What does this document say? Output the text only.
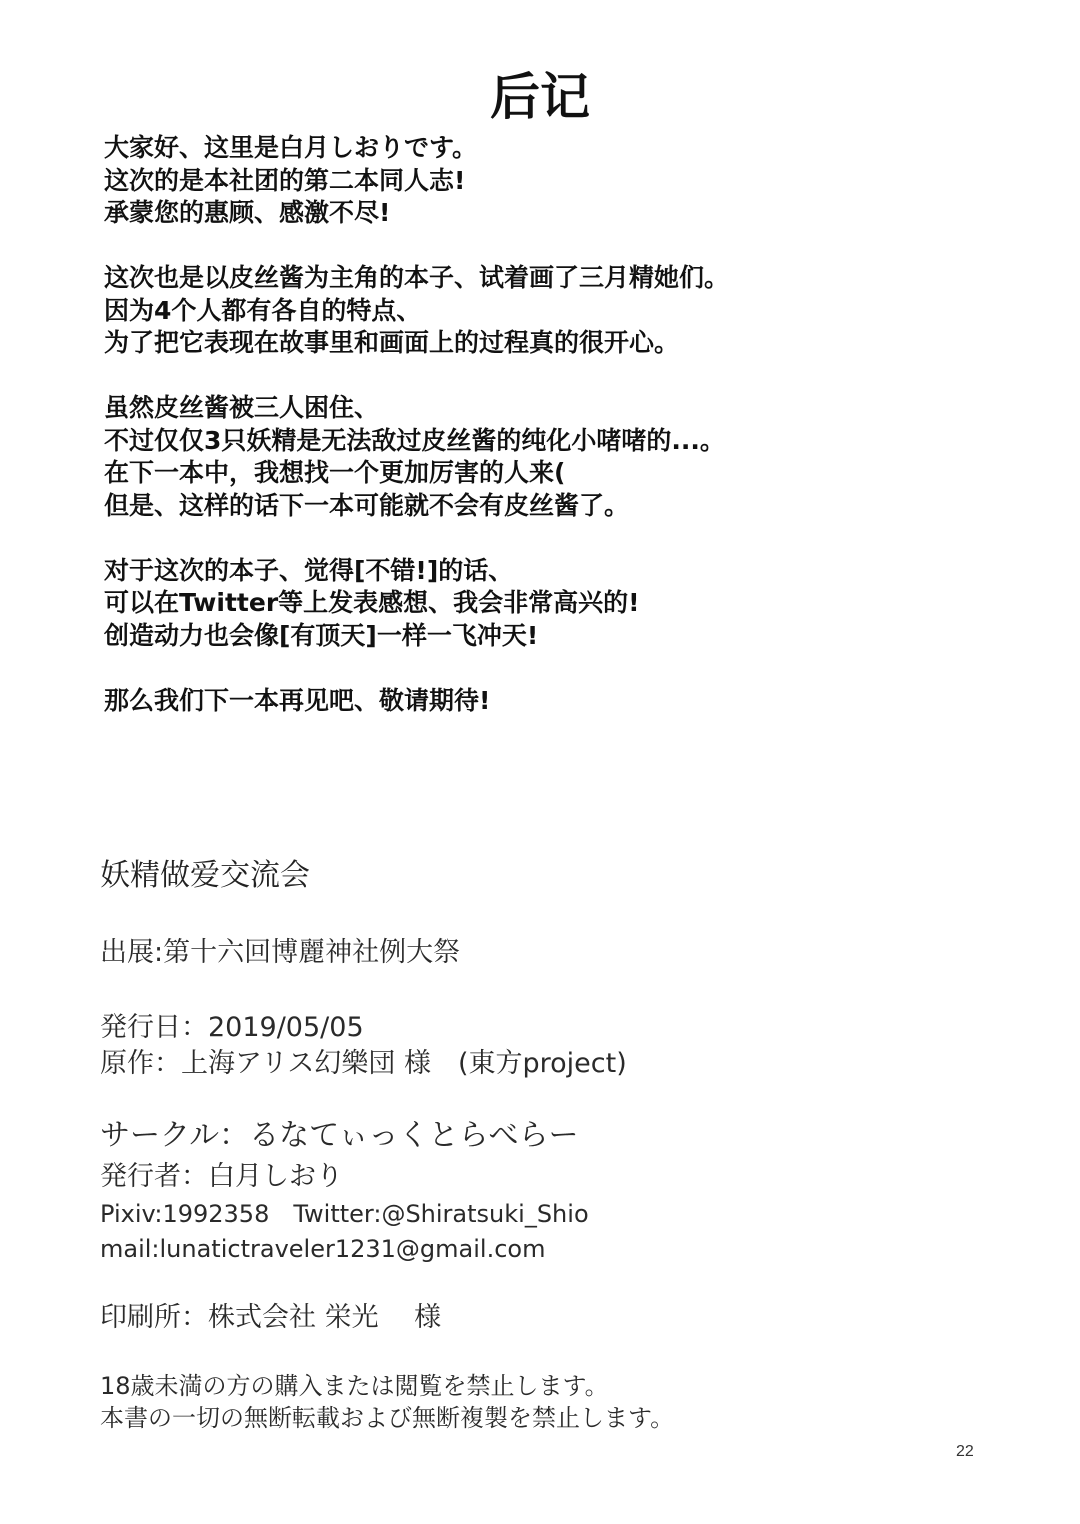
后记
大家好、这里是白月しおりです。
这次的是本社团的第二本同人志!
承蒙您的惠顾、感激不尽!
这次也是以皮丝酱为主角的本子、试着画了三月精她们。
因为4个人都有各自的特点、
为了把它表现在故事里和画面上的过程真的很开心。
虽然皮丝酱被三人困住、
不过仅仅3只妖精是无法敌过皮丝酱的纯化小啫啫的...。
在下一本中，我想找一个更加厉害的人来(
但是、这样的话下一本可能就不会有皮丝酱了。
对于这次的本子、觉得[不错!]的话、
可以在Twitter等上发表感想、我会非常高兴的!
创造动力也会像[有顶天]一样一飞冲天!
那么我们下一本再见吧、敬请期待!
妖精做爱交流会
出展:第十六回博麗神社例大祭
発行日：2019/05/05
原作：上海アリス幻樂団 様　(東方project)
サークル：るなてぃっくとらべらー
発行者：白月しおり
Pixiv:1992358　Twitter:@Shiratsuki_Shio
mail:lunatictraveler1231@gmail.com
印刷所：株式会社 栄光　 様
18歳未満の方の購入または閲覧を禁止します。
本書の一切の無断転載および無断複製を禁止します。
22
